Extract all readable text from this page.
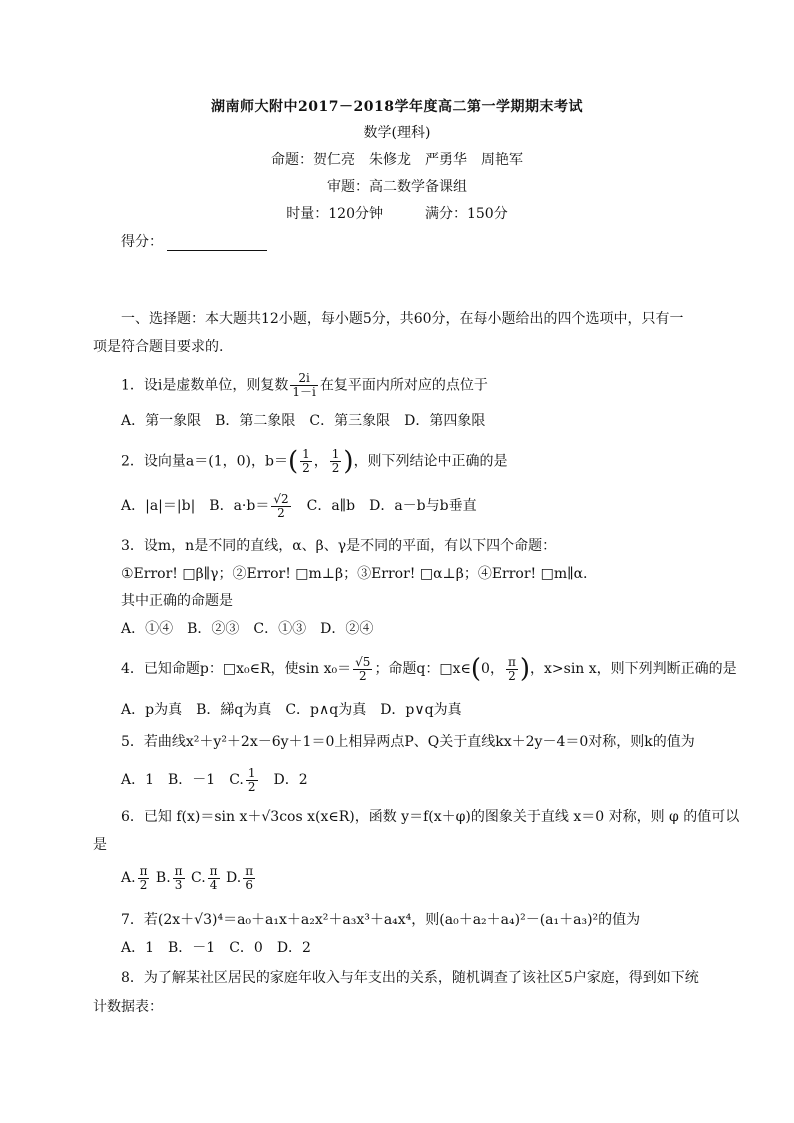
湖南师大附中2017－2018学年度高二第一学期期末考试
数学(理科)
命题：贺仁亮　朱修龙　严勇华　周艳军
审题：高二数学备课组
时量：120分钟　　　满分：150分
得分：
一、选择题：本大题共12小题，每小题5分，共60分，在每小题给出的四个选项中，只有一
项是符合题目要求的.
1．设i是虚数单位，则复数 $\frac{2i}{1-i}$ 在复平面内所对应的点位于
A．第一象限　B．第二象限　C．第三象限　D．第四象限
2．设向量a＝(1，0)，$b=( \frac{1}{2}$ ， $\frac{1}{2}$ )，则下列结论中正确的是
A．|a|＝|b|　B．$a\cdot b= \frac{√2}{2}$ 　C．a∥b　D．a－b与b垂直
3．设m，n是不同的直线，α、β、γ是不同的平面，有以下四个命题：
①Error! □β∥γ；②Error! □m⊥β；③Error! □α⊥β；④Error! □m∥α.
其中正确的命题是
A．①④　B．②③　C．①③　D．②④
4．已知命题p：□x₀∈R，使$\sin x_0= \frac{√5}{2}$ ；命题q：□x∈(0， $\frac{\pi}{2}$ )，x>sin x，则下列判断正确的是
A．p为真　B．綈q为真　C．p∧q为真　D．p∨q为真
5．若曲线x²＋y²＋2x－6y＋1＝0上相异两点P、Q关于直线kx＋2y－4＝0对称，则k的值为
A．1　B．－1　C. $\frac{1}{2}$ 　D．2
6．已知 f(x)＝sin x＋√3cos x(x∈R)，函数 y＝f(x＋φ)的图象关于直线 x＝0 对称，则 φ 的值可以
是
A. $\frac{\pi}{2} B$. $\frac{\pi}{3} C$. $\frac{\pi}{4} D$. $\frac{\pi}{6}$
7．若(2x＋√3)⁴＝a₀＋a₁x＋a₂x²＋a₃x³＋a₄x⁴，则(a₀＋a₂＋a₄)²－(a₁＋a₃)²的值为
A．1　B．－1　C．0　D．2
8．为了解某社区居民的家庭年收入与年支出的关系，随机调查了该社区5户家庭，得到如下统
计数据表：
